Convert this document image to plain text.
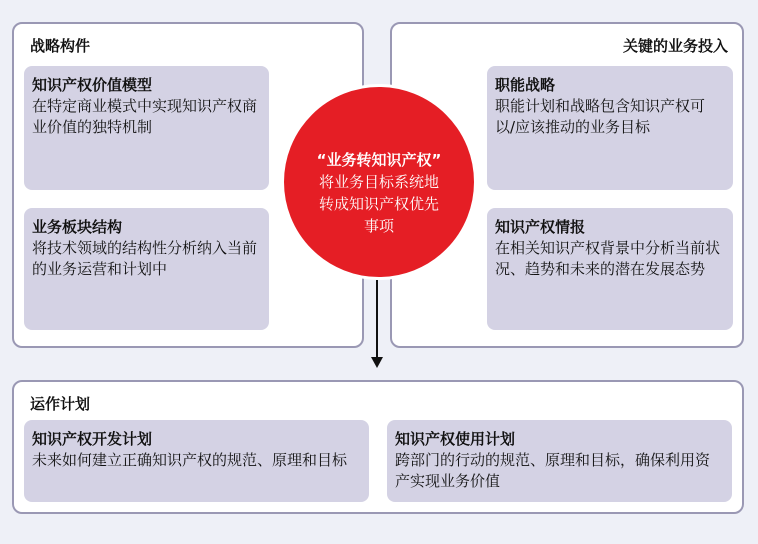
战略构件
知识产权价值模型
在特定商业模式中实现知识产权商业价值的独特机制
业务板块结构
将技术领域的结构性分析纳入当前的业务运营和计划中
关键的业务投入
职能战略
职能计划和战略包含知识产权可以/应该推动的业务目标
知识产权情报
在相关知识产权背景中分析当前状况、趋势和未来的潜在发展态势
运作计划
知识产权开发计划
未来如何建立正确知识产权的规范、原理和目标
知识产权使用计划
跨部门的行动的规范、原理和目标，确保利用资产实现业务价值
“业务转知识产权”
将业务目标系统地转成知识产权优先事项
